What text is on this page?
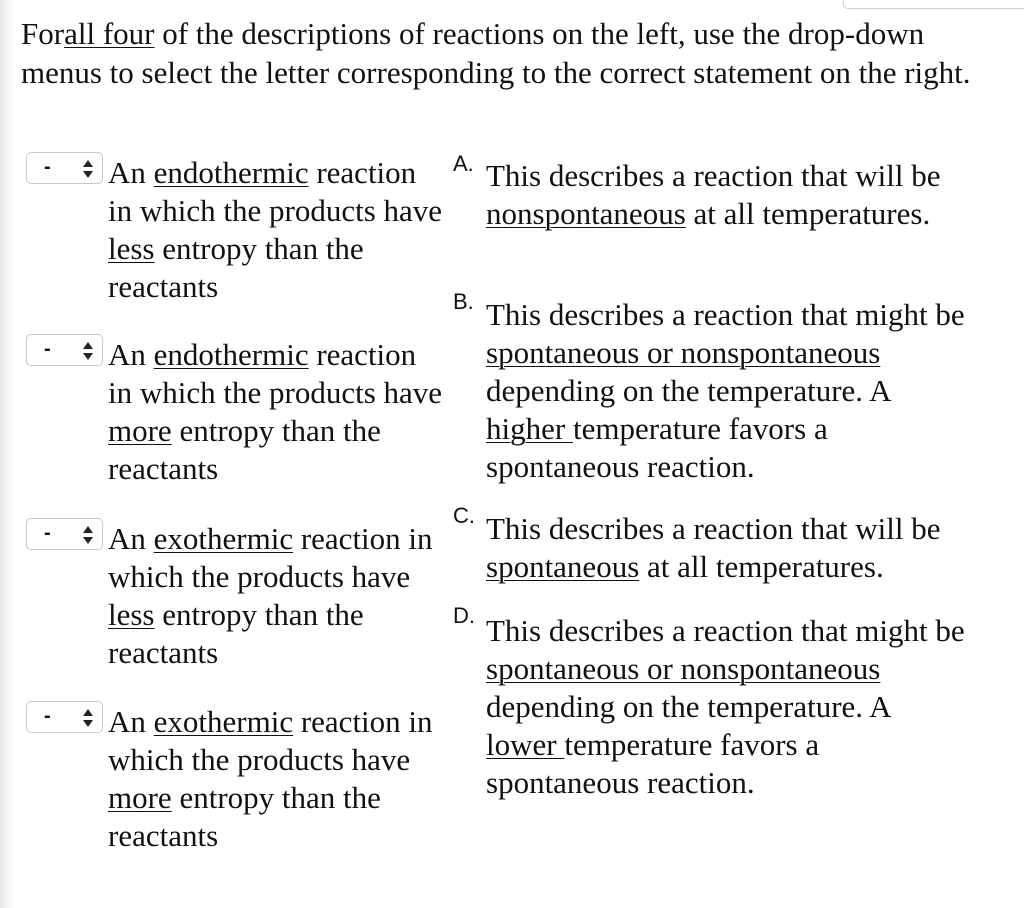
Forall four of the descriptions of reactions on the left, use the drop-down menus to select the letter corresponding to the correct statement on the right.

- An endothermic reaction in which the products have less entropy than the reactants
- An endothermic reaction in which the products have more entropy than the reactants
- An exothermic reaction in which the products have less entropy than the reactants
- An exothermic reaction in which the products have more entropy than the reactants
A. This describes a reaction that will be nonspontaneous at all temperatures.
B. This describes a reaction that might be spontaneous or nonspontaneous depending on the temperature. A higher temperature favors a spontaneous reaction.
C. This describes a reaction that will be spontaneous at all temperatures.
D. This describes a reaction that might be spontaneous or nonspontaneous depending on the temperature. A lower temperature favors a spontaneous reaction.
